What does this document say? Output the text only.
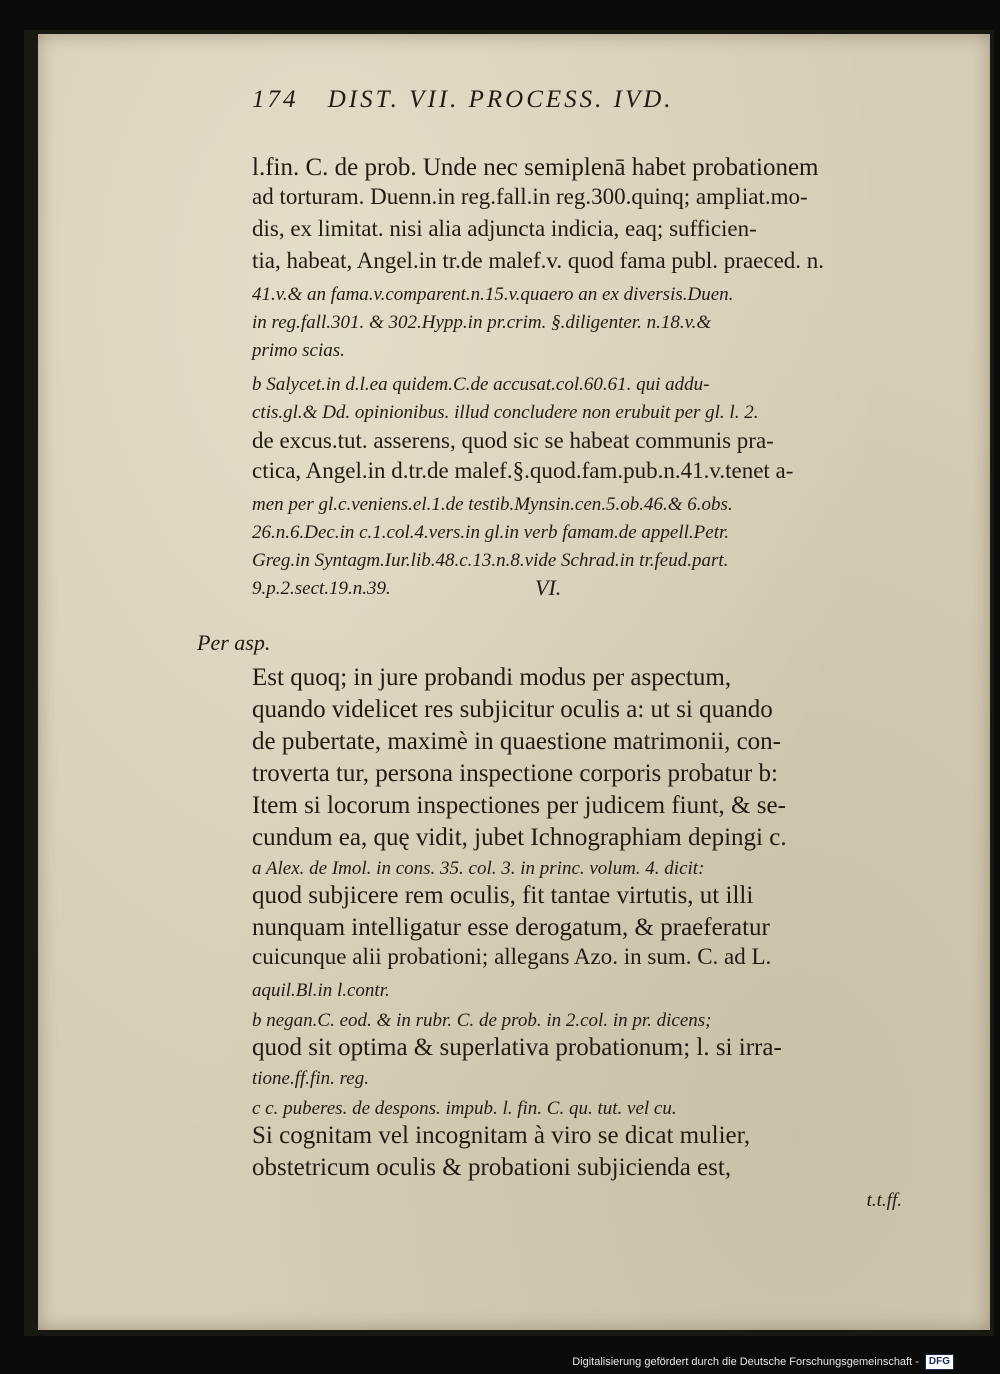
174 DIST. VII. PROCESS. IVD.
Per asp.
VI.
l.fin. C. de prob. Unde nec semiplenā habet probationem
ad torturam. Duenn.in reg.fall.in reg.300.quinq; ampliat.mo-
dis, ex limitat. nisi alia adjuncta indicia, eaq; sufficien-
tia, habeat, Angel.in tr.de malef.v. quod fama publ. praeced. n.
41.v.& an fama.v.comparent.n.15.v.quaero an ex diversis.Duen.
in reg.fall.301. & 302.Hypp.in pr.crim. §.diligenter. n.18.v.&
primo scias.
b Salycet.in d.l.ea quidem.C.de accusat.col.60.61. qui addu-
ctis.gl.& Dd. opinionibus. illud concludere non erubuit per gl. l. 2.
de excus.tut. asserens, quod sic se habeat communis pra-
ctica, Angel.in d.tr.de malef.§.quod.fam.pub.n.41.v.tenet a-
men per gl.c.veniens.el.1.de testib.Mynsin.cen.5.ob.46.& 6.obs.
26.n.6.Dec.in c.1.col.4.vers.in gl.in verb famam.de appell.Petr.
Greg.in Syntagm.Iur.lib.48.c.13.n.8.vide Schrad.in tr.feud.part.
9.p.2.sect.19.n.39.
Est quoq; in jure probandi modus per aspectum,
quando videlicet res subjicitur oculis a: ut si quando
de pubertate, maximè in quaestione matrimonii, con-
troverta tur, persona inspectione corporis probatur b:
Item si locorum inspectiones per judicem fiunt, & se-
cundum ea, quę vidit, jubet Ichnographiam depingi c.
a Alex. de Imol. in cons. 35. col. 3. in princ. volum. 4. dicit:
quod subjicere rem oculis, fit tantae virtutis, ut illi
nunquam intelligatur esse derogatum, & praeferatur
cuicunque alii probationi; allegans Azo. in sum. C. ad L.
aquil.Bl.in l.contr.
b negan.C. eod. & in rubr. C. de prob. in 2.col. in pr. dicens;
quod sit optima & superlativa probationum; l. si irra-
tione.ff.fin. reg.
c c. puberes. de despons. impub. l. fin. C. qu. tut. vel cu.
Si cognitam vel incognitam à viro se dicat mulier,
obstetricum oculis & probationi subjicienda est,
t.t.ff.
Digitalisierung gefördert durch die Deutsche Forschungsgemeinschaft -	DFG
